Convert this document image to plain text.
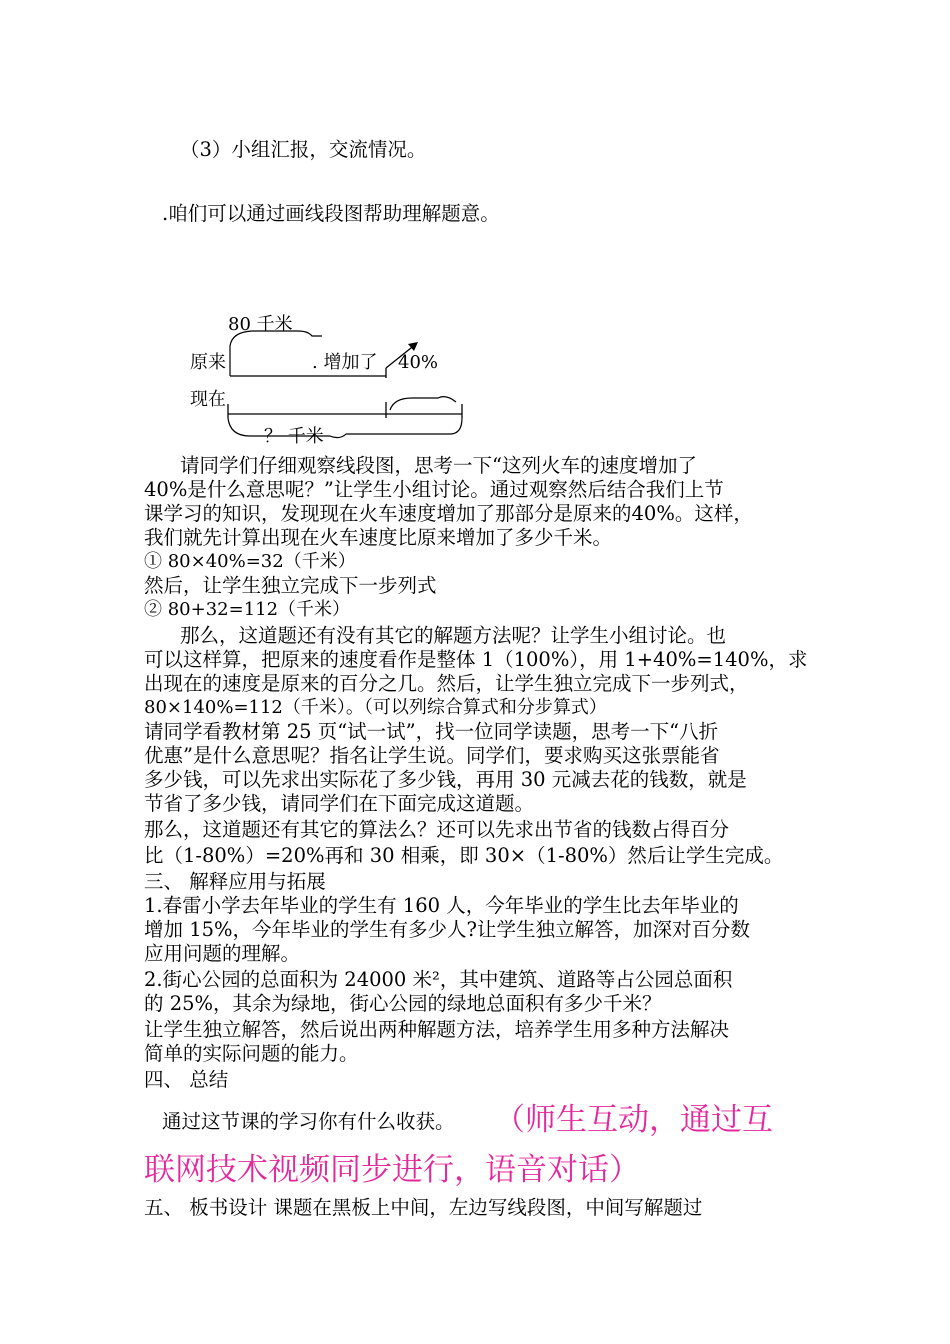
（3）小组汇报，交流情况。
.咱们可以通过画线段图帮助理解题意。
80 千米
原来	. 增加了 40%
现在
？ 千米
请同学们仔细观察线段图，思考一下“这列火车的速度增加了
40%是什么意思呢？”让学生小组讨论。通过观察然后结合我们上节
课学习的知识，发现现在火车速度增加了那部分是原来的40%。这样，
我们就先计算出现在火车速度比原来增加了多少千米。
① 80×40%=32（千米）
然后，让学生独立完成下一步列式
② 80+32=112（千米）
那么，这道题还有没有其它的解题方法呢？让学生小组讨论。也
可以这样算，把原来的速度看作是整体 1（100%），用 1+40%=140%，求
出现在的速度是原来的百分之几。然后，让学生独立完成下一步列式，
80×140%=112（千米）。（可以列综合算式和分步算式）
请同学看教材第 25 页“试一试”，找一位同学读题，思考一下“八折
优惠”是什么意思呢？指名让学生说。同学们，要求购买这张票能省
多少钱，可以先求出实际花了多少钱，再用 30 元减去花的钱数，就是
节省了多少钱，请同学们在下面完成这道题。
那么，这道题还有其它的算法么？还可以先求出节省的钱数占得百分
比（1-80%）=20%再和 30 相乘，即 30×（1-80%）然后让学生完成。
三、 解释应用与拓展
1.春雷小学去年毕业的学生有 160 人，今年毕业的学生比去年毕业的
增加 15%，今年毕业的学生有多少人?让学生独立解答，加深对百分数
应用问题的理解。
2.街心公园的总面积为 24000 米²，其中建筑、道路等占公园总面积
的 25%，其余为绿地，街心公园的绿地总面积有多少千米？
让学生独立解答，然后说出两种解题方法，培养学生用多种方法解决
简单的实际问题的能力。
四、 总结
通过这节课的学习你有什么收获。 （师生互动，通过互
联网技术视频同步进行，语音对话）
五、 板书设计 课题在黑板上中间，左边写线段图，中间写解题过
